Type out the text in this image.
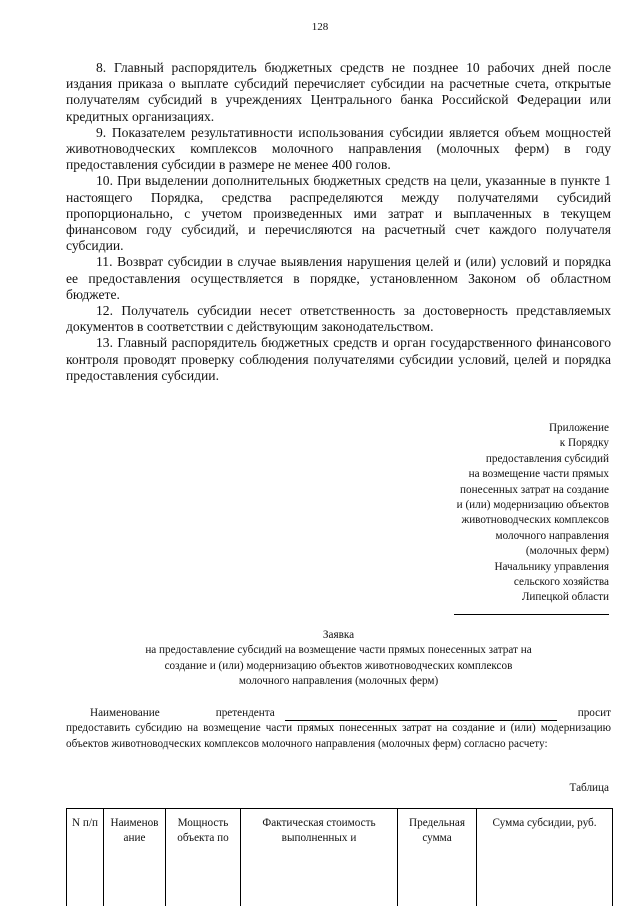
128

8. Главный распорядитель бюджетных средств не позднее 10 рабочих дней после издания приказа о выплате субсидий перечисляет субсидии на расчетные счета, открытые получателям субсидий в учреждениях Центрального банка Российской Федерации или кредитных организациях.

9. Показателем результативности использования субсидии является объем мощностей животноводческих комплексов молочного направления (молочных ферм) в году предоставления субсидии в размере не менее 400 голов.

10. При выделении дополнительных бюджетных средств на цели, указанные в пункте 1 настоящего Порядка, средства распределяются между получателями субсидий пропорционально, с учетом произведенных ими затрат и выплаченных в текущем финансовом году субсидий, и перечисляются на расчетный счет каждого получателя субсидии.

11. Возврат субсидии в случае выявления нарушения целей и (или) условий и порядка ее предоставления осуществляется в порядке, установленном Законом об областном бюджете.

12. Получатель субсидии несет ответственность за достоверность представляемых документов в соответствии с действующим законодательством.

13. Главный распорядитель бюджетных средств и орган государственного финансового контроля проводят проверку соблюдения получателями субсидии условий, целей и порядка предоставления субсидии.

Приложение
к Порядку
предоставления субсидий
на возмещение части прямых
понесенных затрат на создание
и (или) модернизацию объектов
животноводческих комплексов
молочного направления
(молочных ферм)
Начальнику управления
сельского хозяйства
Липецкой области
Заявка
на предоставление субсидий на возмещение части прямых понесенных затрат на
создание и (или) модернизацию объектов животноводческих комплексов
молочного направления (молочных ферм)
Наименование	претендента	просит

предоставить субсидию на возмещение части прямых понесенных затрат на создание и (или) модернизацию объектов животноводческих комплексов молочного направления (молочных ферм) согласно расчету:

Таблица
N п/п	Наименов ание	Мощность объекта по	Фактическая стоимость выполненных и	Предельная сумма	Сумма субсидии, руб.
